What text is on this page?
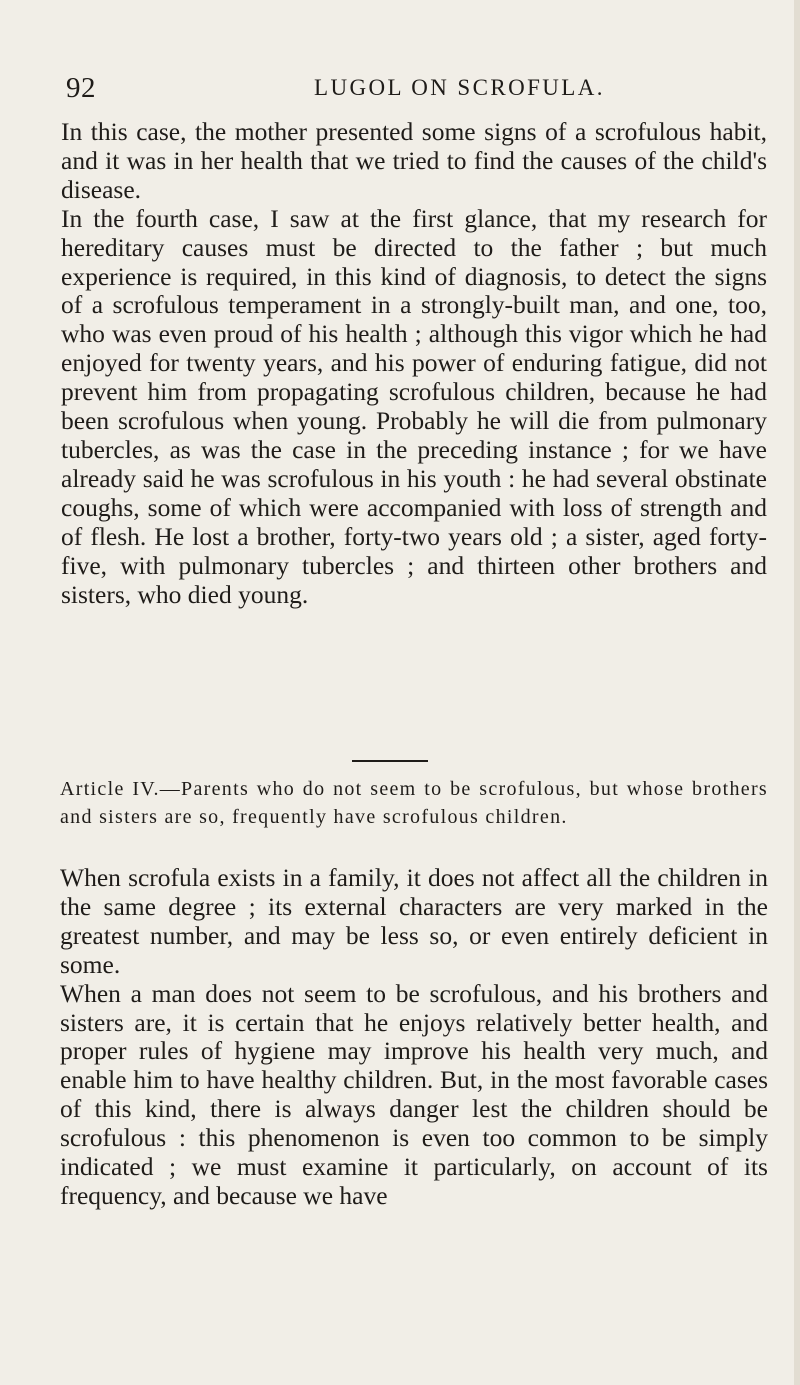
92	LUGOL ON SCROFULA.

In this case, the mother presented some signs of a scrofulous habit, and it was in her health that we tried to find the causes of the child's disease.

In the fourth case, I saw at the first glance, that my research for hereditary causes must be directed to the father ; but much experience is required, in this kind of diagnosis, to detect the signs of a scrofulous temperament in a strongly-built man, and one, too, who was even proud of his health ; although this vigor which he had enjoyed for twenty years, and his power of enduring fatigue, did not prevent him from propagating scrofulous children, because he had been scrofulous when young. Probably he will die from pulmonary tubercles, as was the case in the preceding instance ; for we have already said he was scrofulous in his youth : he had several obstinate coughs, some of which were accompanied with loss of strength and of flesh. He lost a brother, forty-two years old ; a sister, aged forty-five, with pulmonary tubercles ; and thirteen other brothers and sisters, who died young.

Article IV.—Parents who do not seem to be scrofulous, but whose brothers and sisters are so, frequently have scrofulous children.

When scrofula exists in a family, it does not affect all the children in the same degree ; its external characters are very marked in the greatest number, and may be less so, or even entirely deficient in some.

When a man does not seem to be scrofulous, and his brothers and sisters are, it is certain that he enjoys relatively better health, and proper rules of hygiene may improve his health very much, and enable him to have healthy children. But, in the most favorable cases of this kind, there is always danger lest the children should be scrofulous : this phenomenon is even too common to be simply indicated ; we must examine it particularly, on account of its frequency, and because we have
